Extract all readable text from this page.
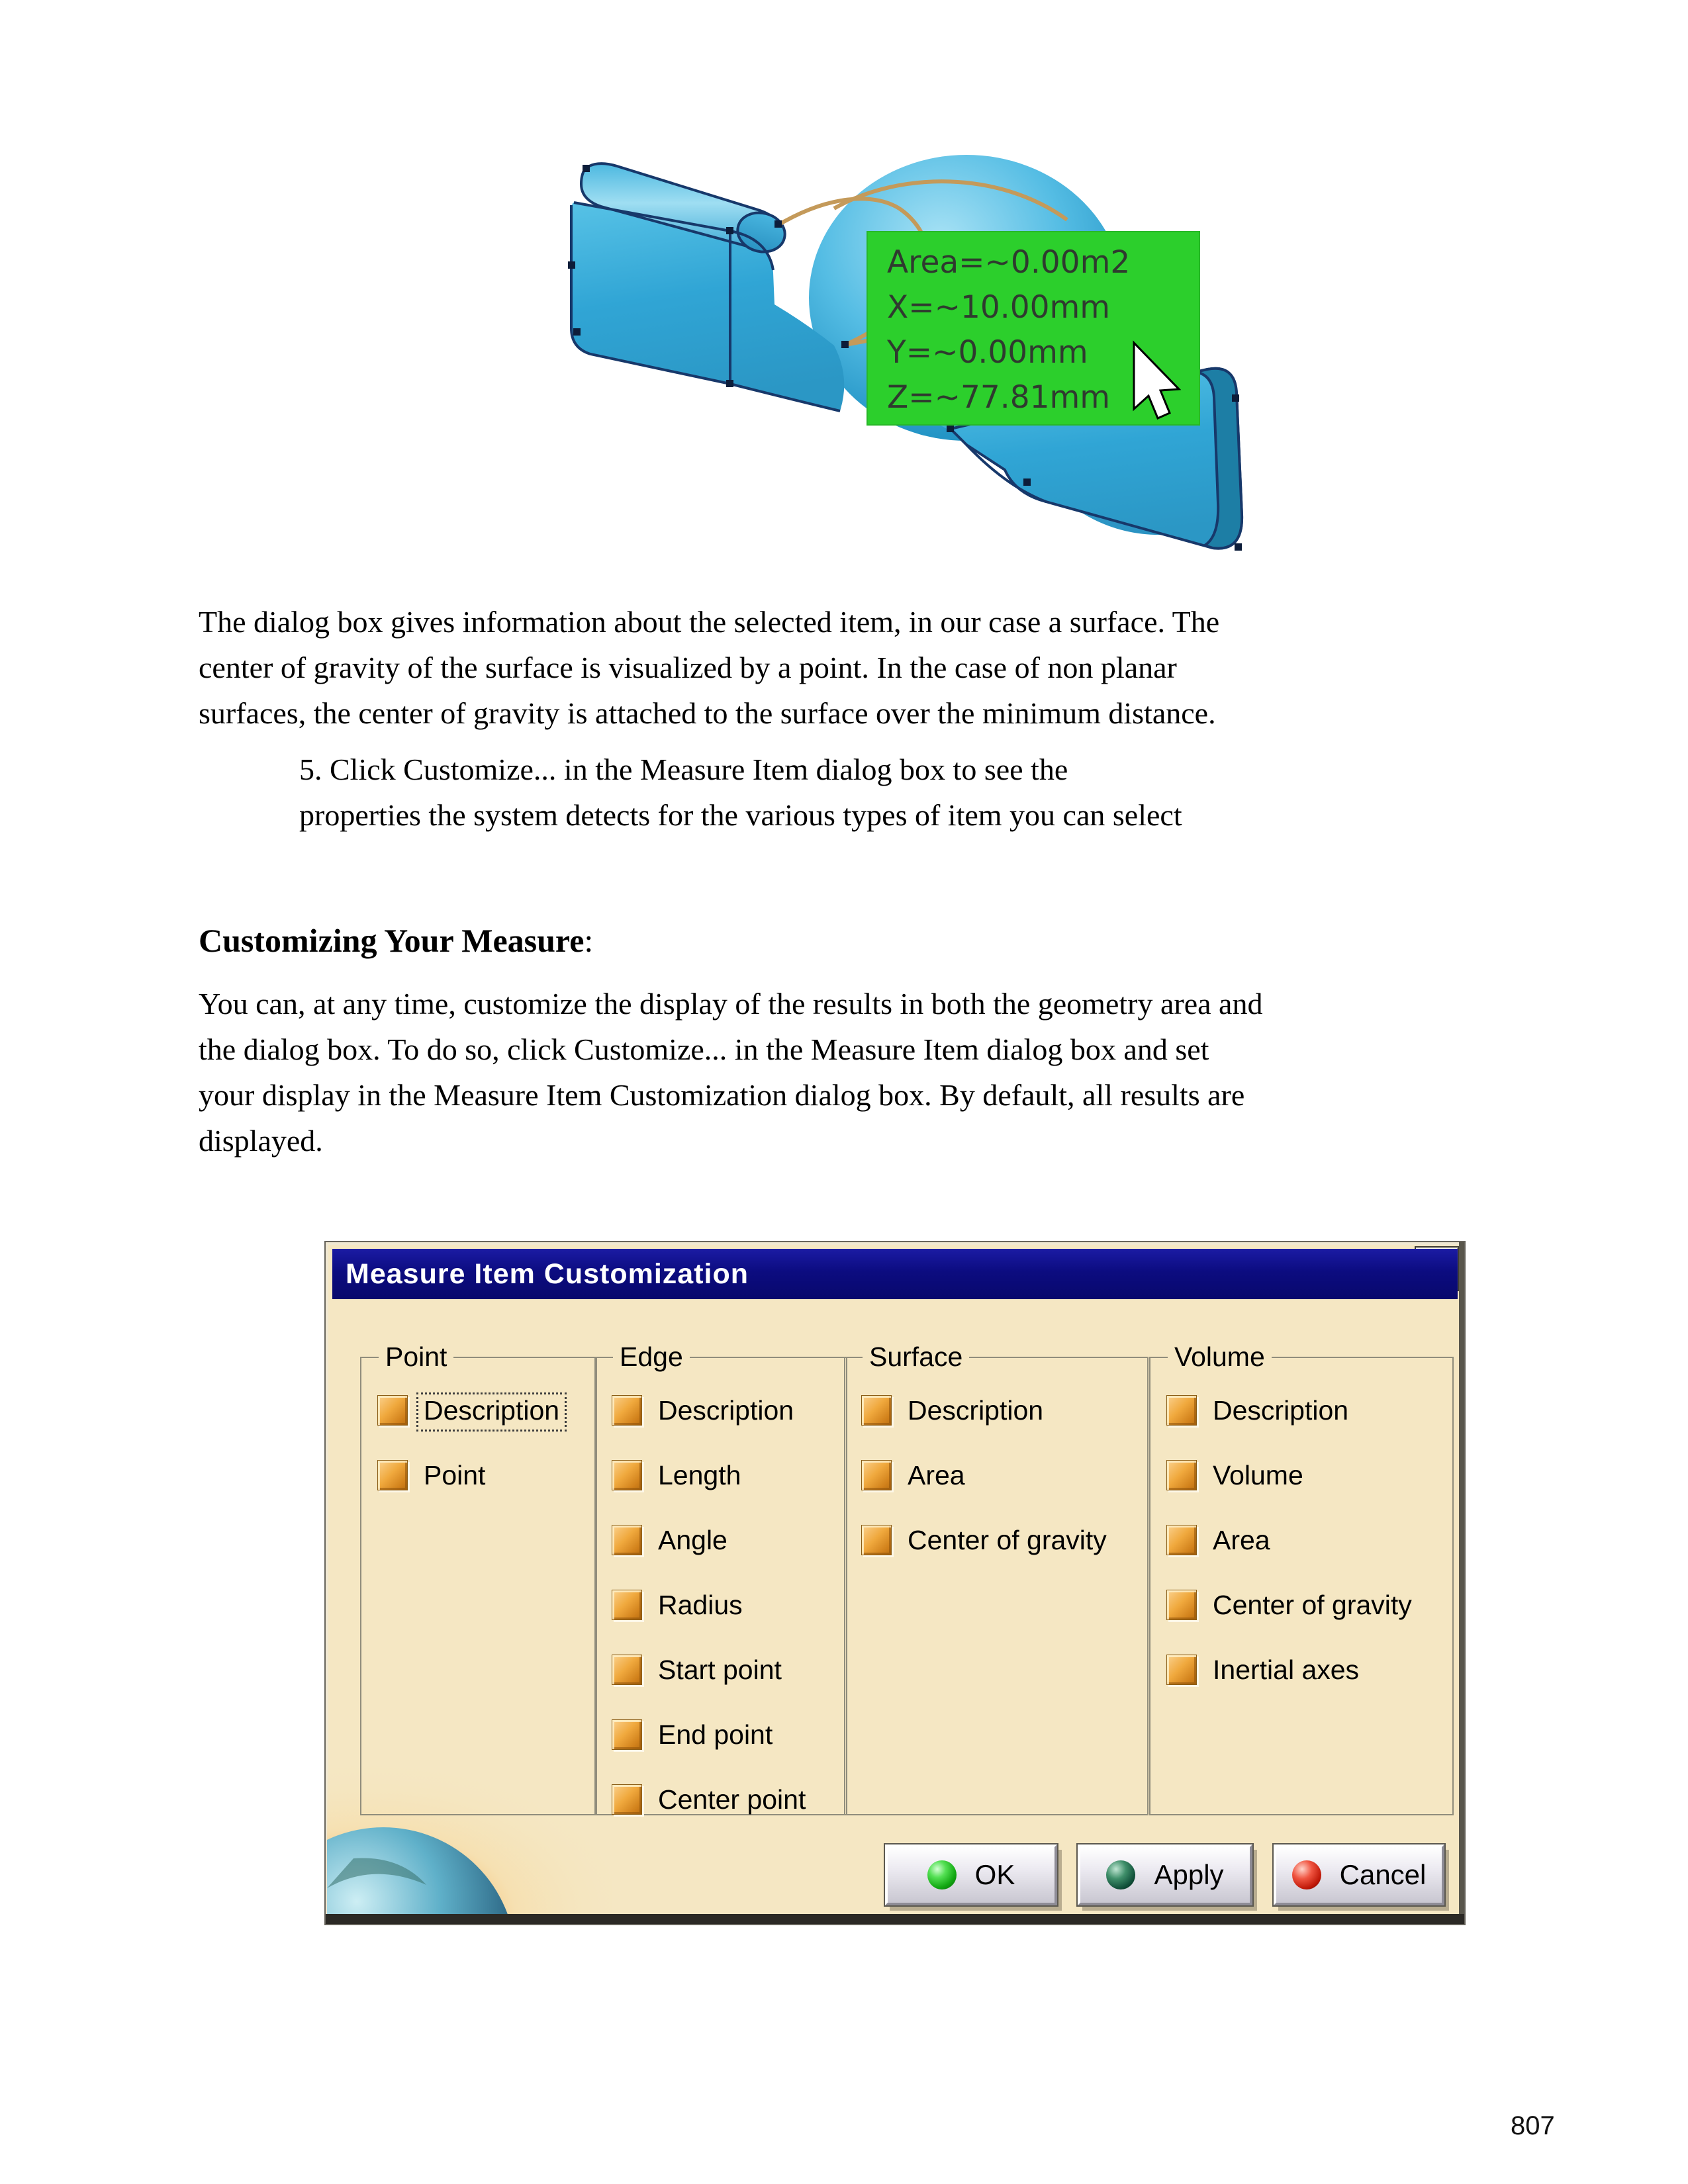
Area=~0.00m2
X=~10.00mm
Y=~0.00mm
Z=~77.81mm
The dialog box gives information about the selected item, in our case a surface. The
center of gravity of the surface is visualized by a point. In the case of non planar
surfaces, the center of gravity is attached to the surface over the minimum distance.
5. Click Customize... in the Measure Item dialog box to see the
properties the system detects for the various types of item you can select
Customizing Your Measure:
You can, at any time, customize the display of the results in both the geometry area and
the dialog box. To do so, click Customize... in the Measure Item dialog box and set
your display in the Measure Item Customization dialog box. By default, all results are
displayed.
Measure Item Customization
Point
Description
Point
Edge
Description
Length
Angle
Radius
Start point
End point
Center point
Surface
Description
Area
Center of gravity
Volume
Description
Volume
Area
Center of gravity
Inertial axes
OK	Apply	Cancel
807
